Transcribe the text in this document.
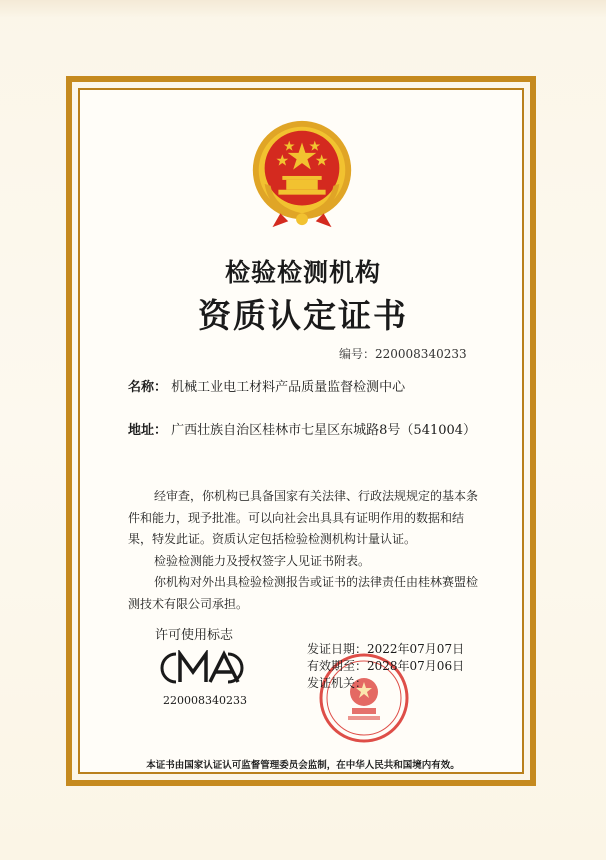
检验检测机构
资质认定证书
编号：220008340233
名称： 机械工业电工材料产品质量监督检测中心
地址： 广西壮族自治区桂林市七星区东城路8号（541004）

经审查，你机构已具备国家有关法律、行政法规规定的基本条件和能力，现予批准。可以向社会出具具有证明作用的数据和结果，特发此证。资质认定包括检验检测机构计量认证。

检验检测能力及授权签字人见证书附表。

你机构对外出具检验检测报告或证书的法律责任由桂林赛盟检测技术有限公司承担。

许可使用标志
220008340233
发证日期：2022年07月07日
有效期至：2028年07月06日
发证机关：
本证书由国家认证认可监督管理委员会监制，在中华人民共和国境内有效。
